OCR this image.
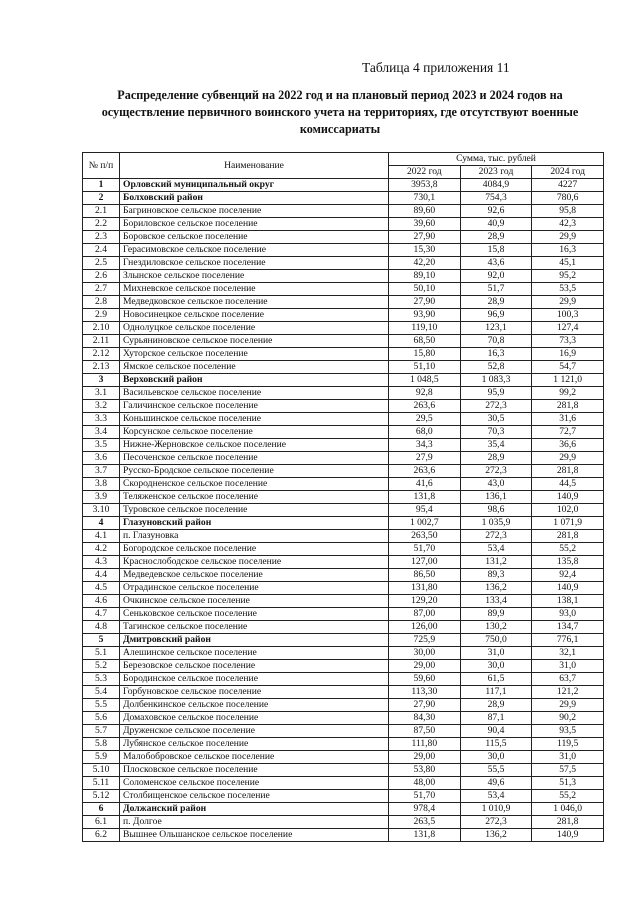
Таблица 4 приложения 11
Распределение субвенций на 2022 год и на плановый период 2023 и 2024 годов на осуществление первичного воинского учета на территориях, где отсутствуют военные комиссариаты
№ п/п	Наименование	Сумма, тыс. рублей		
		2022 год	2023 год	2024 год
1	Орловский муниципальный округ	3953,8	4084,9	4227
2	Болховский район	730,1	754,3	780,6
2.1	Багриновское сельское поселение	89,60	92,6	95,8
2.2	Бориловское сельское поселение	39,60	40,9	42,3
2.3	Боровское сельское поселение	27,90	28,9	29,9
2.4	Герасимовское сельское поселение	15,30	15,8	16,3
2.5	Гнездиловское сельское поселение	42,20	43,6	45,1
2.6	Злынское сельское поселение	89,10	92,0	95,2
2.7	Михневское сельское поселение	50,10	51,7	53,5
2.8	Медведковское сельское поселение	27,90	28,9	29,9
2.9	Новосинецкое сельское поселение	93,90	96,9	100,3
2.10	Однолуцкое сельское поселение	119,10	123,1	127,4
2.11	Сурьяниновское сельское поселение	68,50	70,8	73,3
2.12	Хуторское сельское поселение	15,80	16,3	16,9
2.13	Ямское сельское поселение	51,10	52,8	54,7
3	Верховский район	1 048,5	1 083,3	1 121,0
3.1	Васильевское сельское поселение	92,8	95,9	99,2
3.2	Галичинское сельское поселение	263,6	272,3	281,8
3.3	Коньшинское сельское поселение	29,5	30,5	31,6
3.4	Корсунское сельское поселение	68,0	70,3	72,7
3.5	Нижне-Жерновское сельское поселение	34,3	35,4	36,6
3.6	Песоченское сельское поселение	27,9	28,9	29,9
3.7	Русско-Бродское сельское поселение	263,6	272,3	281,8
3.8	Скородненское сельское поселение	41,6	43,0	44,5
3.9	Теляженское сельское поселение	131,8	136,1	140,9
3.10	Туровское сельское поселение	95,4	98,6	102,0
4	Глазуновский район	1 002,7	1 035,9	1 071,9
4.1	п. Глазуновка	263,50	272,3	281,8
4.2	Богородское сельское поселение	51,70	53,4	55,2
4.3	Краснослободское сельское поселение	127,00	131,2	135,8
4.4	Медведевское сельское поселение	86,50	89,3	92,4
4.5	Отрадинское сельское поселение	131,80	136,2	140,9
4.6	Очкинское сельское поселение	129,20	133,4	138,1
4.7	Сеньковское сельское поселение	87,00	89,9	93,0
4.8	Тагинское сельское поселение	126,00	130,2	134,7
5	Дмитровский район	725,9	750,0	776,1
5.1	Алешинское сельское поселение	30,00	31,0	32,1
5.2	Березовское сельское поселение	29,00	30,0	31,0
5.3	Бородинское сельское поселение	59,60	61,5	63,7
5.4	Горбуновское сельское поселение	113,30	117,1	121,2
5.5	Долбенкинское сельское поселение	27,90	28,9	29,9
5.6	Домаховское сельское поселение	84,30	87,1	90,2
5.7	Друженское сельское поселение	87,50	90,4	93,5
5.8	Лубянское сельское поселение	111,80	115,5	119,5
5.9	Малобобровское сельское поселение	29,00	30,0	31,0
5.10	Плосковское сельское поселение	53,80	55,5	57,5
5.11	Соломенское сельское поселение	48,00	49,6	51,3
5.12	Столбищенское сельское поселение	51,70	53,4	55,2
6	Должанский район	978,4	1 010,9	1 046,0
6.1	п. Долгое	263,5	272,3	281,8
6.2	Вышнее Ольшанское сельское поселение	131,8	136,2	140,9
